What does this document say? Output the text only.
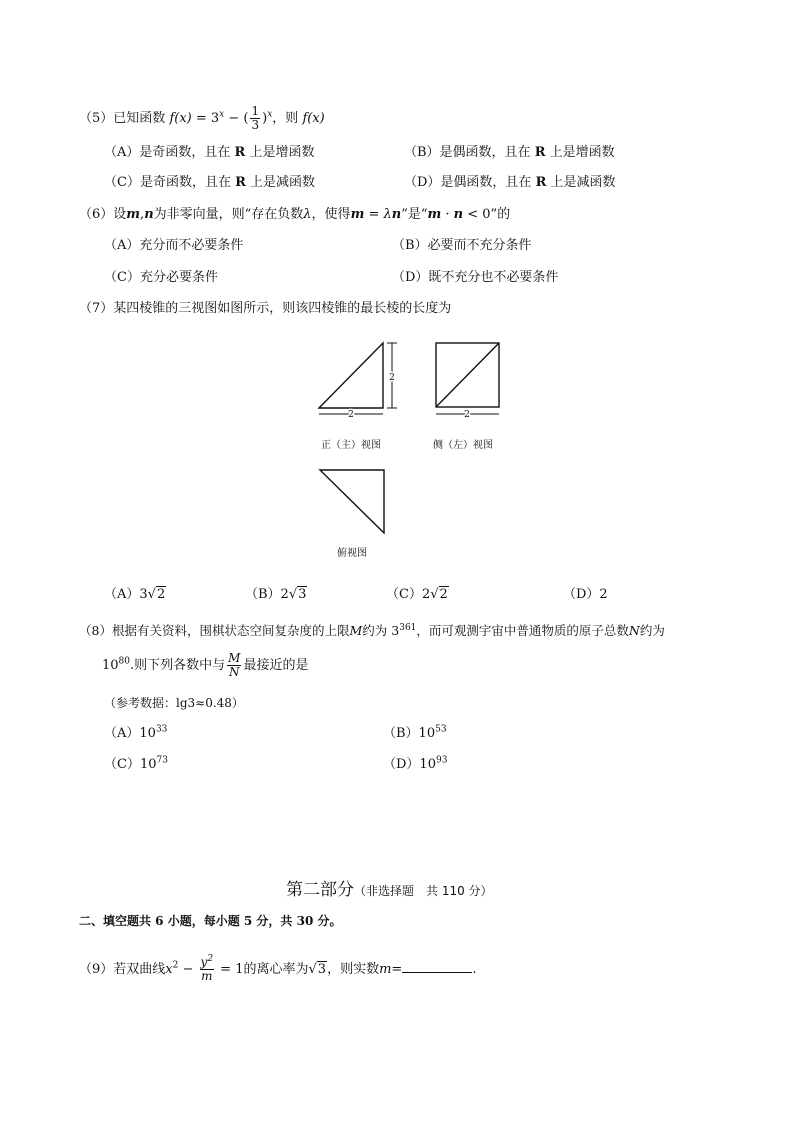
（5）已知函数 $f(x) = 3^x$ − ( $\frac{1}{3} )^x$，则 f(x)
（A）是奇函数，且在 R 上是增函数	（B）是偶函数，且在 R 上是增函数
（C）是奇函数，且在 R 上是减函数	（D）是偶函数，且在 R 上是减函数
（6）设m,n为非零向量，则“存在负数λ，使得m = λn”是“m · n < 0”的
（A）充分而不必要条件	（B）必要而不充分条件
（C）充分必要条件	（D）既不充分也不必要条件
（7）某四棱锥的三视图如图所示，则该四棱锥的最长棱的长度为
2
2	2
正（主）视图	侧（左）视图
俯视图
（A）3√2	（B）2√3	（C）2√2	（D）2
（8）根据有关资料，围棋状态空间复杂度的上限M约为 $3^{361}$，而可观测宇宙中普通物质的原子总数N约为
$10^{80}$.则下列各数中与 $\frac{M}{N}$ 最接近的是
（参考数据：lg3≈0.48）
$(A)10^{33}$	$(B)10^{53}$
$(C)10^{73}$	$(D)10^{93}$
第二部分（非选择题　共 110 分）
二、填空题共 6 小题，每小题 5 分，共 30 分。
（9）若双曲线$x^2 - \frac{y^2}{m} = 1$的离心率为√3，则实数m=	.
